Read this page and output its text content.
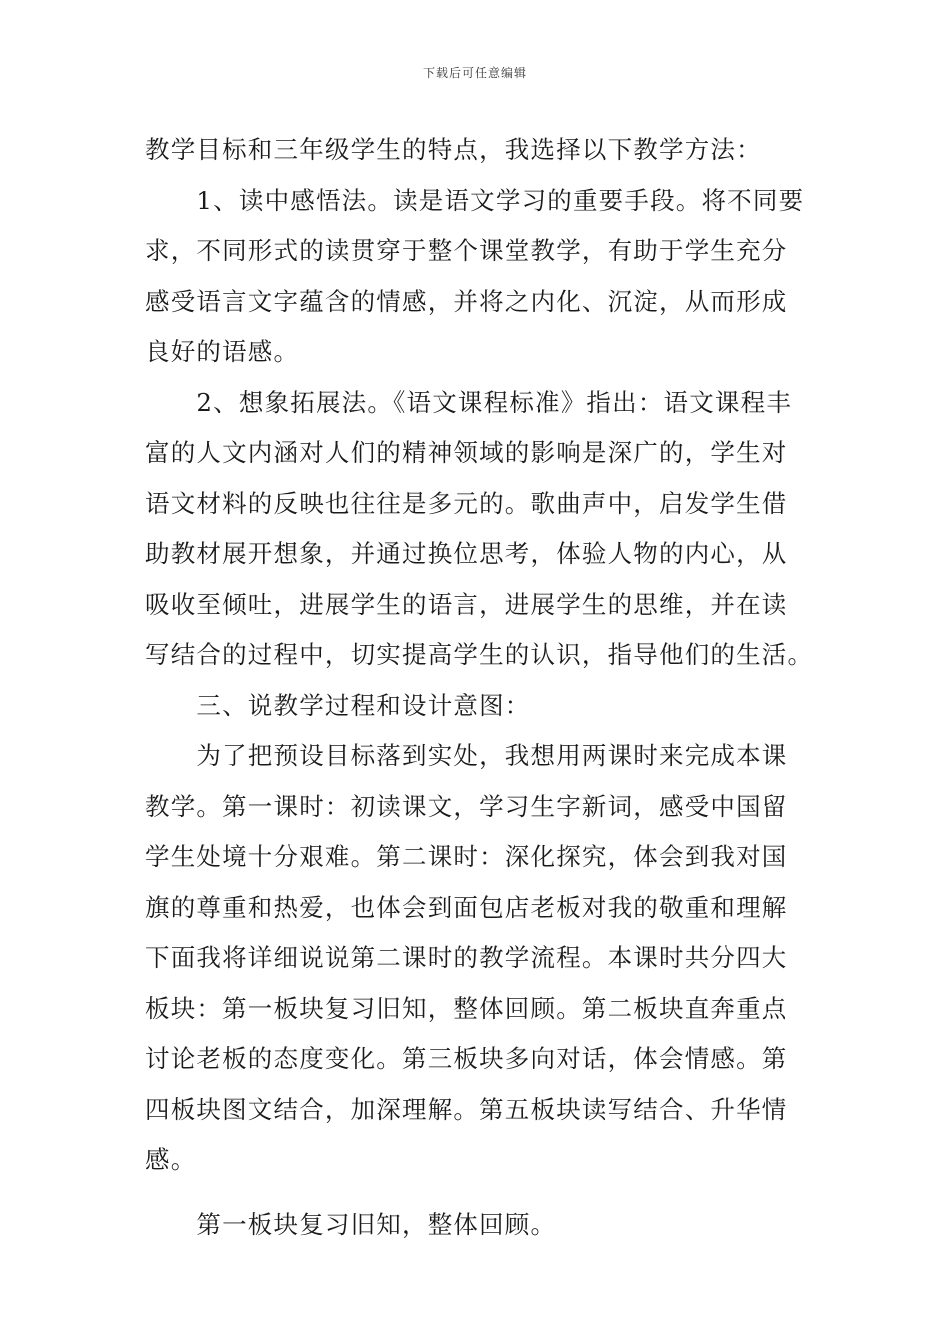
下载后可任意编辑

教学目标和三年级学生的特点，我选择以下教学方法：

　　1、读中感悟法。读是语文学习的重要手段。将不同要

求，不同形式的读贯穿于整个课堂教学，有助于学生充分

感受语言文字蕴含的情感，并将之内化、沉淀，从而形成

良好的语感。

　　2、想象拓展法。《语文课程标准》指出：语文课程丰

富的人文内涵对人们的精神领域的影响是深广的，学生对

语文材料的反映也往往是多元的。歌曲声中，启发学生借

助教材展开想象，并通过换位思考，体验人物的内心，从

吸收至倾吐，进展学生的语言，进展学生的思维，并在读

写结合的过程中，切实提高学生的认识，指导他们的生活。

　　三、说教学过程和设计意图：

　　为了把预设目标落到实处，我想用两课时来完成本课

教学。第一课时：初读课文，学习生字新词，感受中国留

学生处境十分艰难。第二课时：深化探究，体会到我对国

旗的尊重和热爱，也体会到面包店老板对我的敬重和理解

下面我将详细说说第二课时的教学流程。本课时共分四大

板块：第一板块复习旧知，整体回顾。第二板块直奔重点

讨论老板的态度变化。第三板块多向对话，体会情感。第

四板块图文结合，加深理解。第五板块读写结合、升华情

感。

　　第一板块复习旧知，整体回顾。
